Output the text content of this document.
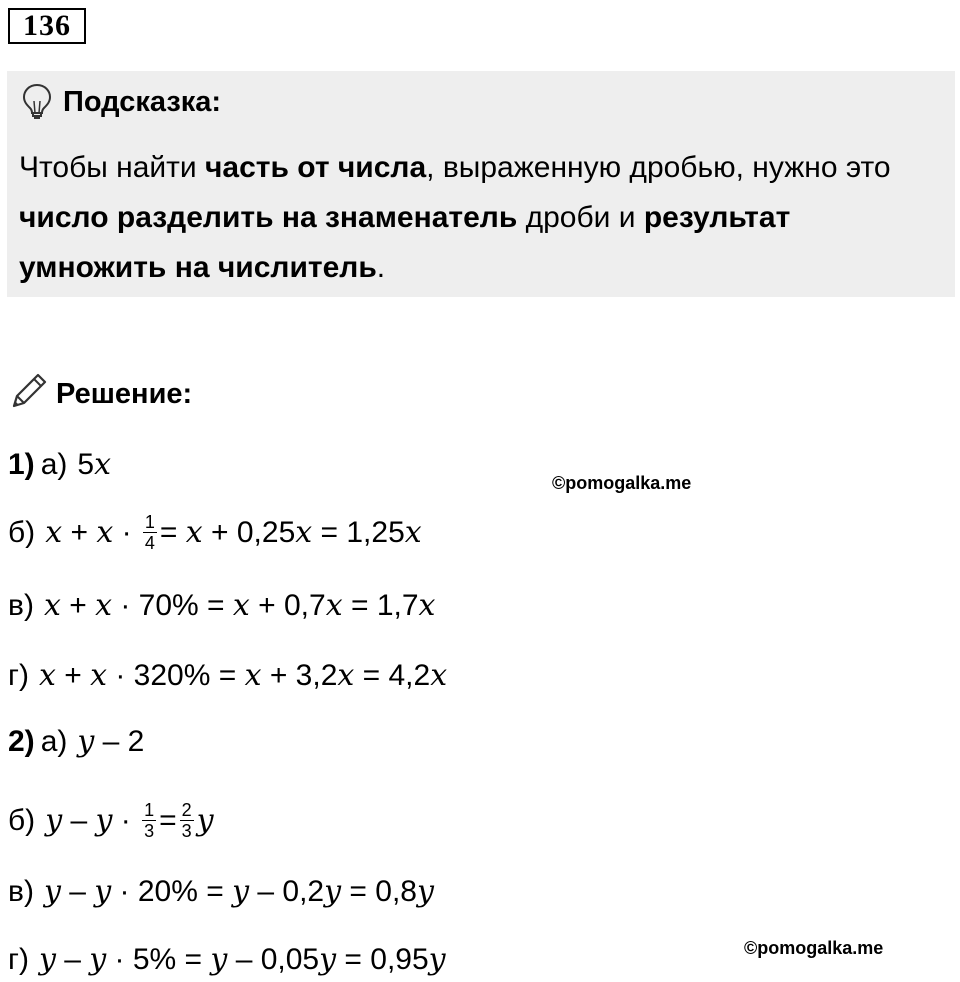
136
Подсказка:
Чтобы найти часть от числа, выраженную дробью, нужно это число разделить на знаменатель дроби и результат умножить на числитель.
Решение:
1) а) 5 x
б) $x + x \cdot \frac{1}{4} = x + 0,25$ x = 1,25 x
в) x + x · 70% = x + 0,7 x = 1,7 x
г) x + x · 320% = x + 3,2 x = 4,2 x
2) а) y – 2
б) $y - y \cdot \frac{1}{3} = \frac{2}{3}$ y
в) y – y · 20% = y – 0,2 y = 0,8 y
г) y – y · 5% = y – 0,05 y = 0,95 y
©pomogalka.me
©pomogalka.me
